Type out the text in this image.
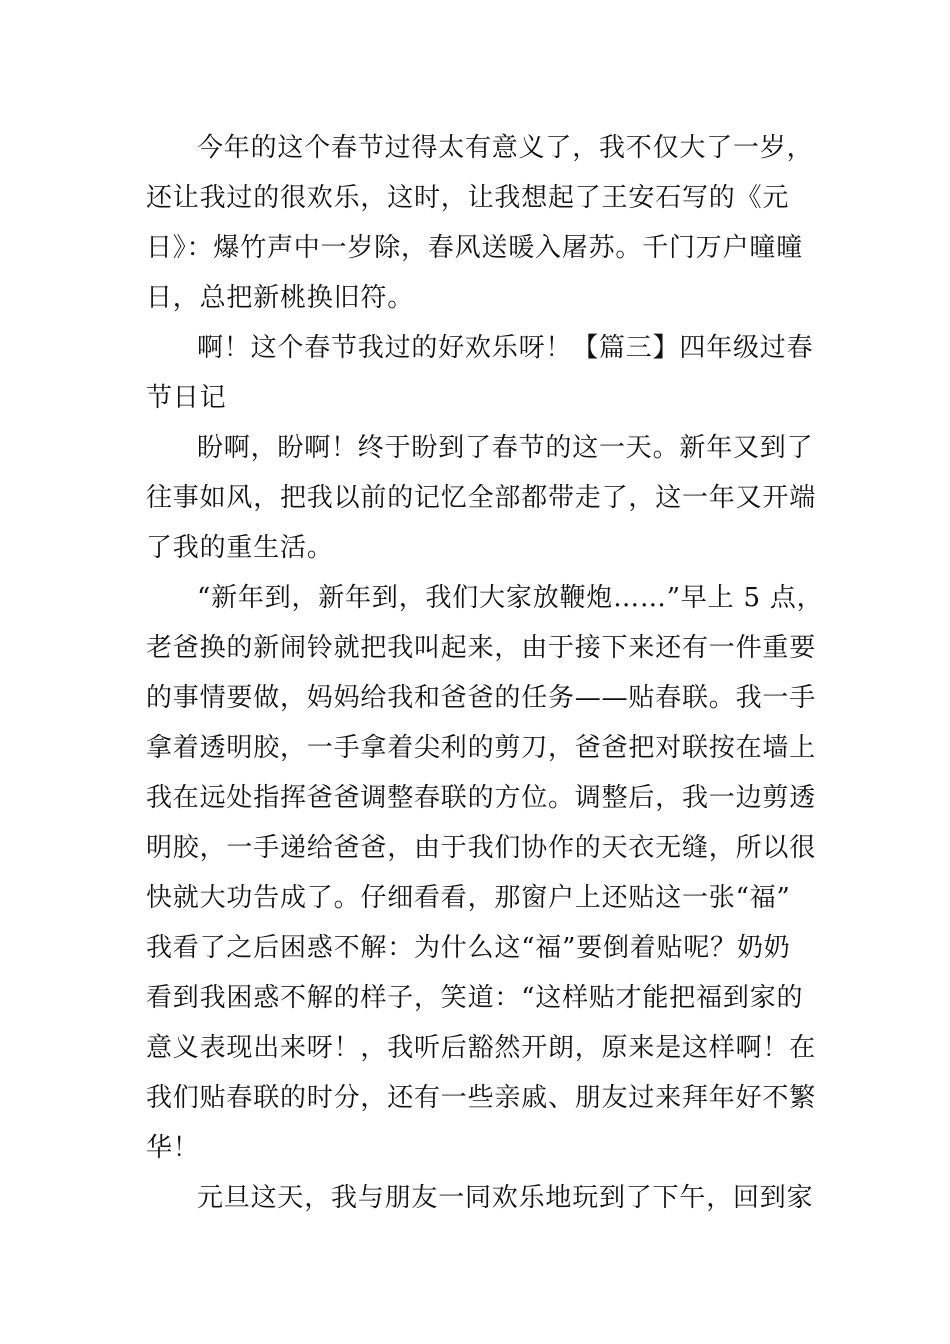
今年的这个春节过得太有意义了，我不仅大了一岁，

还让我过的很欢乐，这时，让我想起了王安石写的《元

日》：爆竹声中一岁除，春风送暖入屠苏。千门万户曈曈

日，总把新桃换旧符。

啊！这个春节我过的好欢乐呀！【篇三】四年级过春

节日记

盼啊，盼啊！终于盼到了春节的这一天。新年又到了

往事如风，把我以前的记忆全部都带走了，这一年又开端

了我的重生活。

“新年到，新年到，我们大家放鞭炮……”早上 5 点，

老爸换的新闹铃就把我叫起来，由于接下来还有一件重要

的事情要做，妈妈给我和爸爸的任务——贴春联。我一手

拿着透明胶，一手拿着尖利的剪刀，爸爸把对联按在墙上

我在远处指挥爸爸调整春联的方位。调整后，我一边剪透

明胶，一手递给爸爸，由于我们协作的天衣无缝，所以很

快就大功告成了。仔细看看，那窗户上还贴这一张“福”

我看了之后困惑不解：为什么这“福”要倒着贴呢？奶奶

看到我困惑不解的样子，笑道：“这样贴才能把福到家的

意义表现出来呀！，我听后豁然开朗，原来是这样啊！在

我们贴春联的时分，还有一些亲戚、朋友过来拜年好不繁

华！

元旦这天，我与朋友一同欢乐地玩到了下午，回到家
